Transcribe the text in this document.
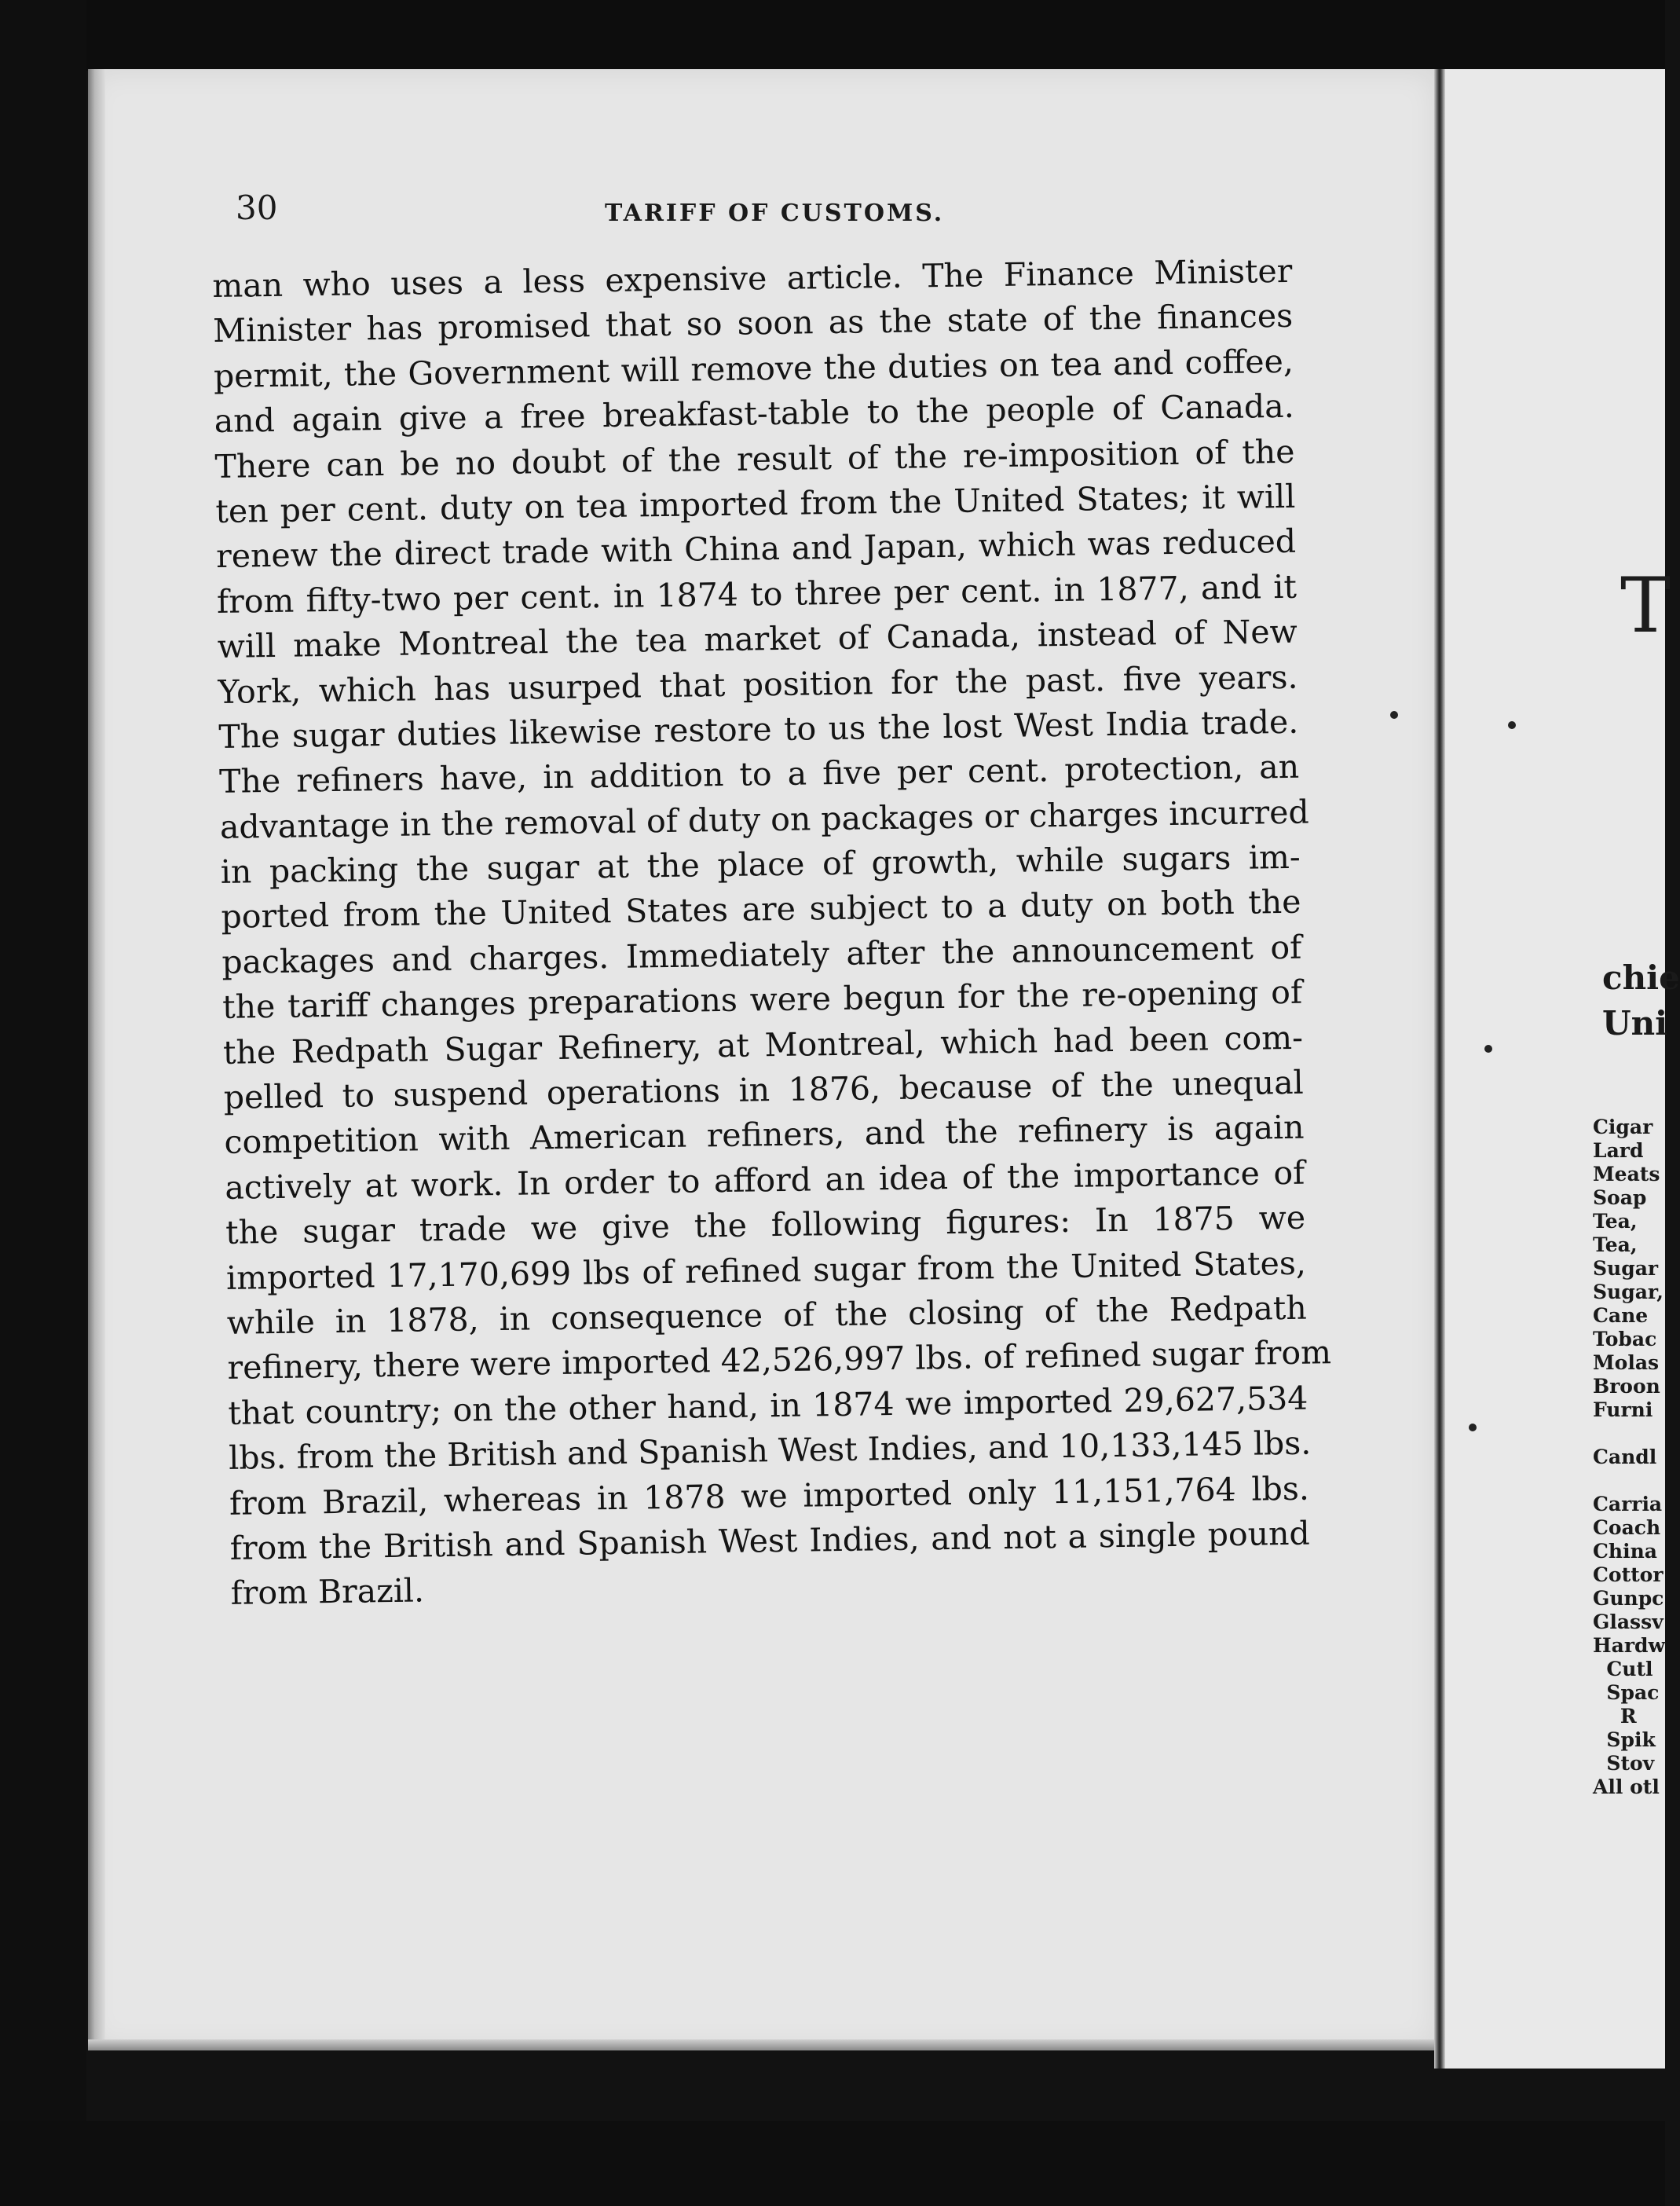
30	TARIFF OF CUSTOMS.
man who uses a less expensive article. The Finance Minister
Minister has promised that so soon as the state of the finances
permit, the Government will remove the duties on tea and coffee,
and again give a free breakfast-table to the people of Canada.
There can be no doubt of the result of the re-imposition of the
ten per cent. duty on tea imported from the United States; it will
renew the direct trade with China and Japan, which was reduced
from fifty-two per cent. in 1874 to three per cent. in 1877, and it
will make Montreal the tea market of Canada, instead of New
York, which has usurped that position for the past. five years.
The sugar duties likewise restore to us the lost West India trade.
The refiners have, in addition to a five per cent. protection, an
advantage in the removal of duty on packages or charges incurred
in packing the sugar at the place of growth, while sugars im-
ported from the United States are subject to a duty on both the
packages and charges. Immediately after the announcement of
the tariff changes preparations were begun for the re-opening of
the Redpath Sugar Refinery, at Montreal, which had been com-
pelled to suspend operations in 1876, because of the unequal
competition with American refiners, and the refinery is again
actively at work. In order to afford an idea of the importance of
the sugar trade we give the following figures: In 1875 we
imported 17,170,699 lbs of refined sugar from the United States,
while in 1878, in consequence of the closing of the Redpath
refinery, there were imported 42,526,997 lbs. of refined sugar from
that country; on the other hand, in 1874 we imported 29,627,534
lbs. from the British and Spanish West Indies, and 10,133,145 lbs.
from Brazil, whereas in 1878 we imported only 11,151,764 lbs.
from the British and Spanish West Indies, and not a single pound
from Brazil.
T
chie
Uni
Cigar
Lard
Meats
Soap
Tea,
Tea,
Sugar
Sugar,
Cane
Tobac
Molas
Broon
Furni
Candl
Carria
Coach
China
Cottor
Gunpc
Glassv
Hardw
Cutl
Spac
R
Spik
Stov
All otl
